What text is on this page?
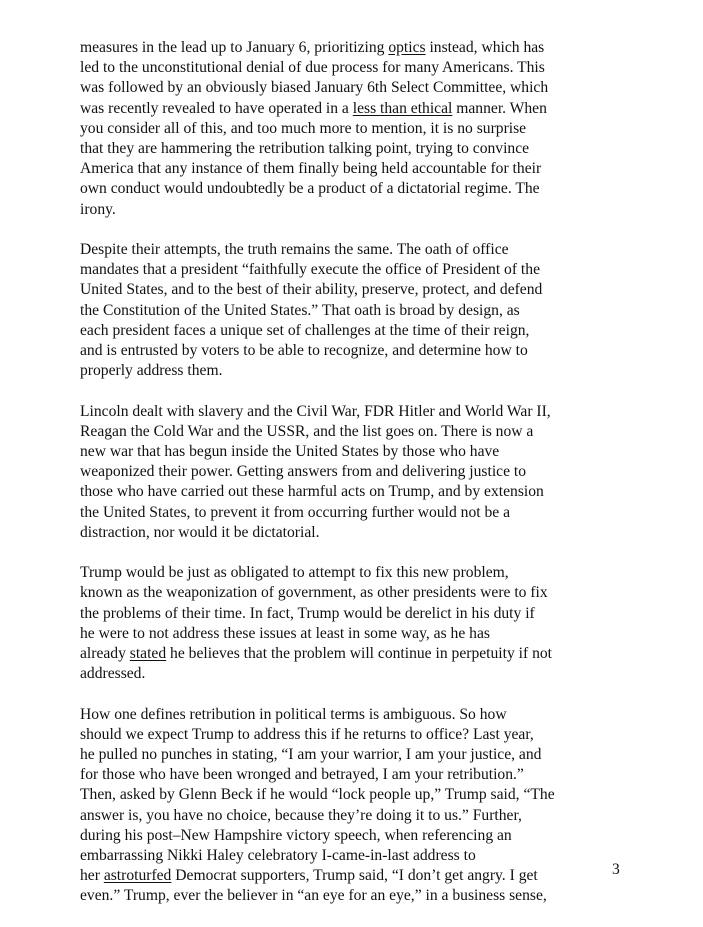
measures in the lead up to January 6, prioritizing optics instead, which has
led to the unconstitutional denial of due process for many Americans. This
was followed by an obviously biased January 6th Select Committee, which
was recently revealed to have operated in a less than ethical manner. When
you consider all of this, and too much more to mention, it is no surprise
that they are hammering the retribution talking point, trying to convince
America that any instance of them finally being held accountable for their
own conduct would undoubtedly be a product of a dictatorial regime. The
irony.

Despite their attempts, the truth remains the same. The oath of office
mandates that a president “faithfully execute the office of President of the
United States, and to the best of their ability, preserve, protect, and defend
the Constitution of the United States.” That oath is broad by design, as
each president faces a unique set of challenges at the time of their reign,
and is entrusted by voters to be able to recognize, and determine how to
properly address them.

Lincoln dealt with slavery and the Civil War, FDR Hitler and World War II,
Reagan the Cold War and the USSR, and the list goes on. There is now a
new war that has begun inside the United States by those who have
weaponized their power. Getting answers from and delivering justice to
those who have carried out these harmful acts on Trump, and by extension
the United States, to prevent it from occurring further would not be a
distraction, nor would it be dictatorial.

Trump would be just as obligated to attempt to fix this new problem,
known as the weaponization of government, as other presidents were to fix
the problems of their time. In fact, Trump would be derelict in his duty if
he were to not address these issues at least in some way, as he has
already stated he believes that the problem will continue in perpetuity if not
addressed.

How one defines retribution in political terms is ambiguous. So how
should we expect Trump to address this if he returns to office? Last year,
he pulled no punches in stating, “I am your warrior, I am your justice, and
for those who have been wronged and betrayed, I am your retribution.”
Then, asked by Glenn Beck if he would “lock people up,” Trump said, “The
answer is, you have no choice, because they’re doing it to us.” Further,
during his post–New Hampshire victory speech, when referencing an
embarrassing Nikki Haley celebratory I-came-in-last address to
her astroturfed Democrat supporters, Trump said, “I don’t get angry. I get
even.” Trump, ever the believer in “an eye for an eye,” in a business sense,

3
